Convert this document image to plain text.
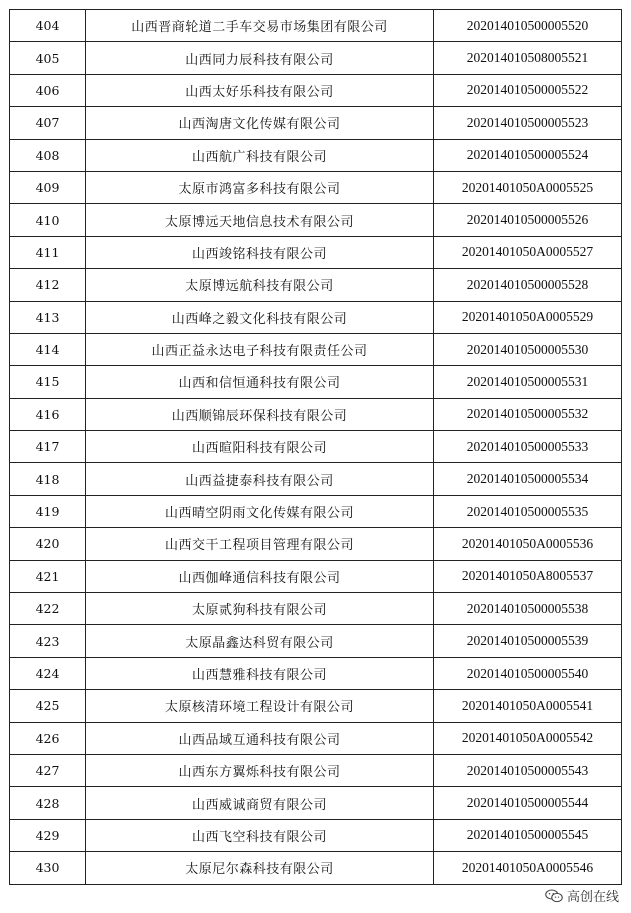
404	山西晋商轮道二手车交易市场集团有限公司	202014010500005520
405	山西同力辰科技有限公司	202014010508005521
406	山西太好乐科技有限公司	202014010500005522
407	山西淘唐文化传媒有限公司	202014010500005523
408	山西航广科技有限公司	202014010500005524
409	太原市鸿富多科技有限公司	20201401050A0005525
410	太原博远天地信息技术有限公司	202014010500005526
411	山西竣铭科技有限公司	20201401050A0005527
412	太原博远航科技有限公司	202014010500005528
413	山西峰之毅文化科技有限公司	20201401050A0005529
414	山西正益永达电子科技有限责任公司	202014010500005530
415	山西和信恒通科技有限公司	202014010500005531
416	山西顺锦辰环保科技有限公司	202014010500005532
417	山西暄阳科技有限公司	202014010500005533
418	山西益捷泰科技有限公司	202014010500005534
419	山西晴空阴雨文化传媒有限公司	202014010500005535
420	山西交干工程项目管理有限公司	20201401050A0005536
421	山西伽峰通信科技有限公司	20201401050A8005537
422	太原贰狗科技有限公司	202014010500005538
423	太原晶鑫达科贸有限公司	202014010500005539
424	山西慧雅科技有限公司	202014010500005540
425	太原核清环境工程设计有限公司	20201401050A0005541
426	山西品域互通科技有限公司	20201401050A0005542
427	山西东方翼烁科技有限公司	202014010500005543
428	山西威诚商贸有限公司	202014010500005544
429	山西飞空科技有限公司	202014010500005545
430	太原尼尔森科技有限公司	20201401050A0005546
高创在线
